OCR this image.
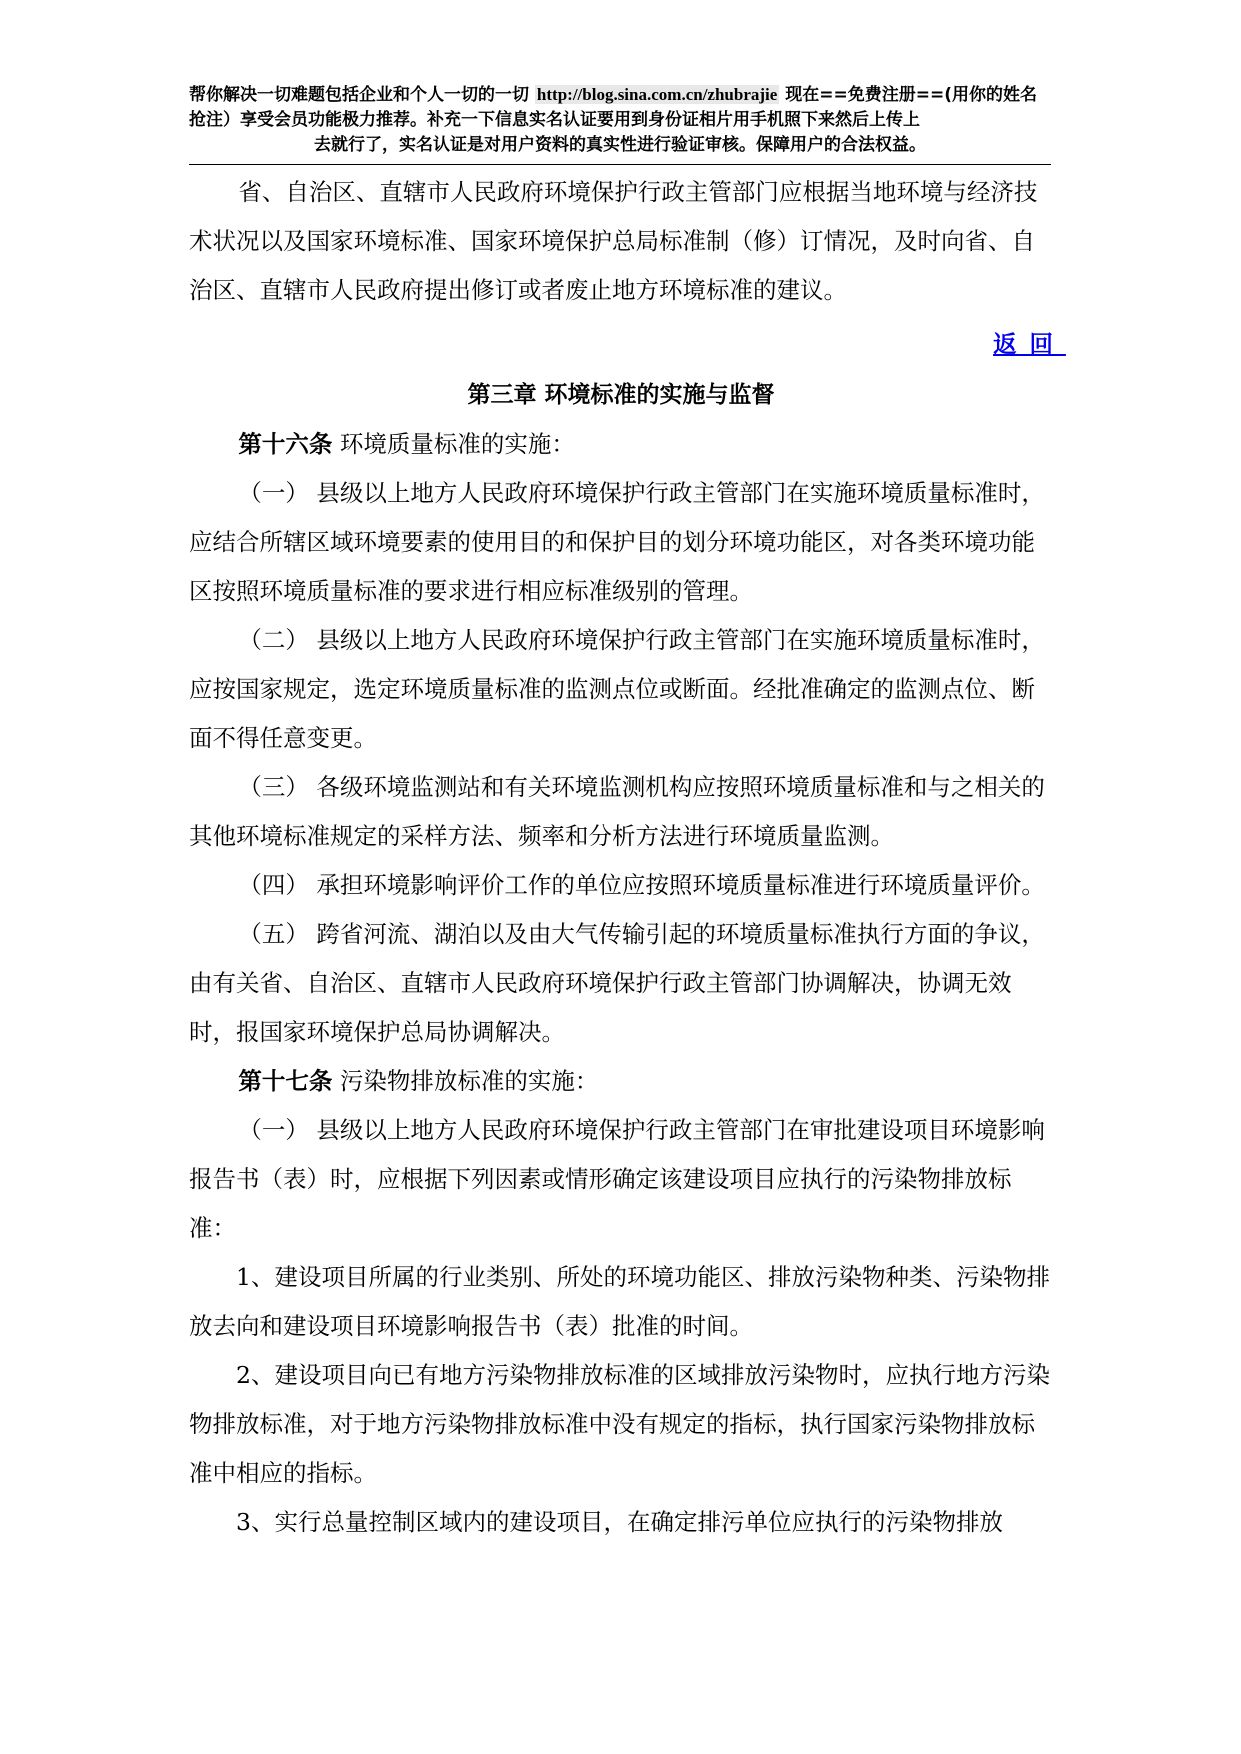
帮你解决一切难题包括企业和个人一切的一切 http://blog.sina.com.cn/zhubrajie 现在==免费注册==(用你的姓名抢注）享受会员功能极力推荐。补充一下信息实名认证要用到身份证相片用手机照下来然后上传上
去就行了，实名认证是对用户资料的真实性进行验证审核。保障用户的合法权益。

省、自治区、直辖市人民政府环境保护行政主管部门应根据当地环境与经济技术状况以及国家环境标准、国家环境保护总局标准制（修）订情况，及时向省、自治区、直辖市人民政府提出修订或者废止地方环境标准的建议。

返回

第三章 环境标准的实施与监督

第十六条 环境质量标准的实施：

（一） 县级以上地方人民政府环境保护行政主管部门在实施环境质量标准时，应结合所辖区域环境要素的使用目的和保护目的划分环境功能区，对各类环境功能区按照环境质量标准的要求进行相应标准级别的管理。

（二） 县级以上地方人民政府环境保护行政主管部门在实施环境质量标准时，应按国家规定，选定环境质量标准的监测点位或断面。经批准确定的监测点位、断面不得任意变更。

（三） 各级环境监测站和有关环境监测机构应按照环境质量标准和与之相关的其他环境标准规定的采样方法、频率和分析方法进行环境质量监测。

（四） 承担环境影响评价工作的单位应按照环境质量标准进行环境质量评价。

（五） 跨省河流、湖泊以及由大气传输引起的环境质量标准执行方面的争议，由有关省、自治区、直辖市人民政府环境保护行政主管部门协调解决，协调无效时，报国家环境保护总局协调解决。

第十七条 污染物排放标准的实施：

（一） 县级以上地方人民政府环境保护行政主管部门在审批建设项目环境影响报告书（表）时，应根据下列因素或情形确定该建设项目应执行的污染物排放标准：

1、建设项目所属的行业类别、所处的环境功能区、排放污染物种类、污染物排放去向和建设项目环境影响报告书（表）批准的时间。

2、建设项目向已有地方污染物排放标准的区域排放污染物时，应执行地方污染物排放标准，对于地方污染物排放标准中没有规定的指标，执行国家污染物排放标准中相应的指标。

3、实行总量控制区域内的建设项目，在确定排污单位应执行的污染物排放
